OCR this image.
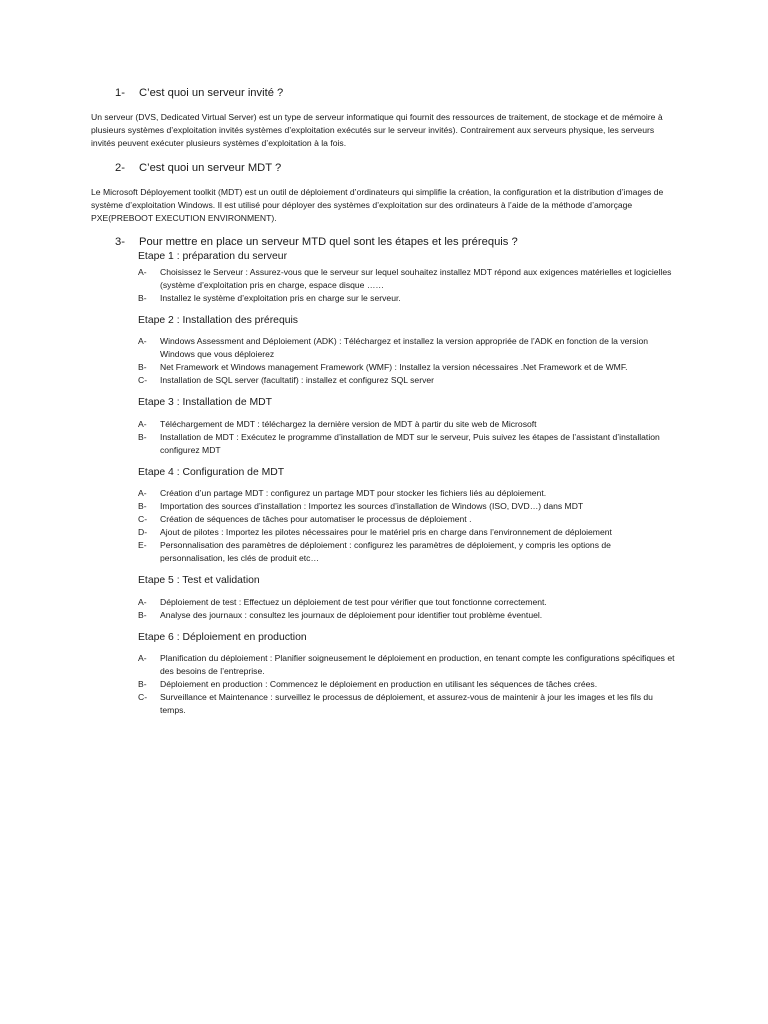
1-	C’est quoi un serveur invité ?

Un serveur (DVS, Dedicated Virtual Server) est un type de serveur informatique qui fournit des ressources de traitement, de stockage et de mémoire à plusieurs systèmes d’exploitation invités systèmes d’exploitation exécutés sur le serveur invités). Contrairement aux serveurs physique, les serveurs invités peuvent exécuter plusieurs systèmes d’exploitation à la fois.

2-	C’est quoi un serveur MDT ?

Le Microsoft Déployement toolkit (MDT) est un outil de déploiement d’ordinateurs qui simplifie la création, la configuration et la distribution d’images de système d’exploitation Windows. Il est utilisé pour déployer des systèmes d’exploitation sur des ordinateurs à l’aide de la méthode d’amorçage PXE(PREBOOT EXECUTION ENVIRONMENT).

3-	Pour mettre en place un serveur MTD quel sont les étapes et les prérequis ?

Etape 1 : préparation du serveur

A-	Choisissez le Serveur : Assurez-vous que le serveur sur lequel souhaitez installez MDT répond aux exigences matérielles et logicielles (système d’exploitation pris en charge, espace disque ……
B-	Installez le système d’exploitation pris en charge sur le serveur.

Etape 2 : Installation des prérequis

A-	Windows Assessment and Déploiement (ADK) : Téléchargez et installez la version appropriée de l’ADK en fonction de la version Windows que vous déploierez
B-	Net Framework et Windows management Framework (WMF) : Installez la version nécessaires .Net Framework et de WMF.
C-	Installation de SQL server (facultatif) : installez et configurez SQL server

Etape 3 : Installation de MDT

A-	Téléchargement de MDT : téléchargez la dernière version de MDT à partir du site web de Microsoft
B-	Installation de MDT : Exécutez le programme d’installation de MDT sur le serveur, Puis suivez les étapes de l’assistant d’installation configurez MDT

Etape 4 : Configuration de MDT

A-	Création d’un partage MDT : configurez un partage MDT pour stocker les fichiers liés au déploiement.
B-	Importation des sources d’installation : Importez les sources d’installation de Windows (ISO, DVD…) dans MDT
C-	Création de séquences de tâches pour automatiser le processus de déploiement .
D-	Ajout de pilotes : Importez les pilotes nécessaires pour le matériel pris en charge dans l’environnement de déploiement
E-	Personnalisation des paramètres de déploiement : configurez les paramètres de déploiement, y compris les options de personnalisation, les clés de produit etc…

Etape 5 : Test et validation

A-	Déploiement de test : Effectuez un déploiement de test pour vérifier que tout fonctionne correctement.
B-	Analyse des journaux : consultez les journaux de déploiement pour identifier tout problème éventuel.

Etape 6 : Déploiement en production

A-	Planification du déploiement : Planifier soigneusement le déploiement en production, en tenant compte les configurations spécifiques et des besoins de l’entreprise.
B-	Déploiement en production : Commencez le déploiement en production en utilisant les séquences de tâches crées.
C-	Surveillance et Maintenance : surveillez le processus de déploiement, et assurez-vous de maintenir à jour les images et les fils du temps.
